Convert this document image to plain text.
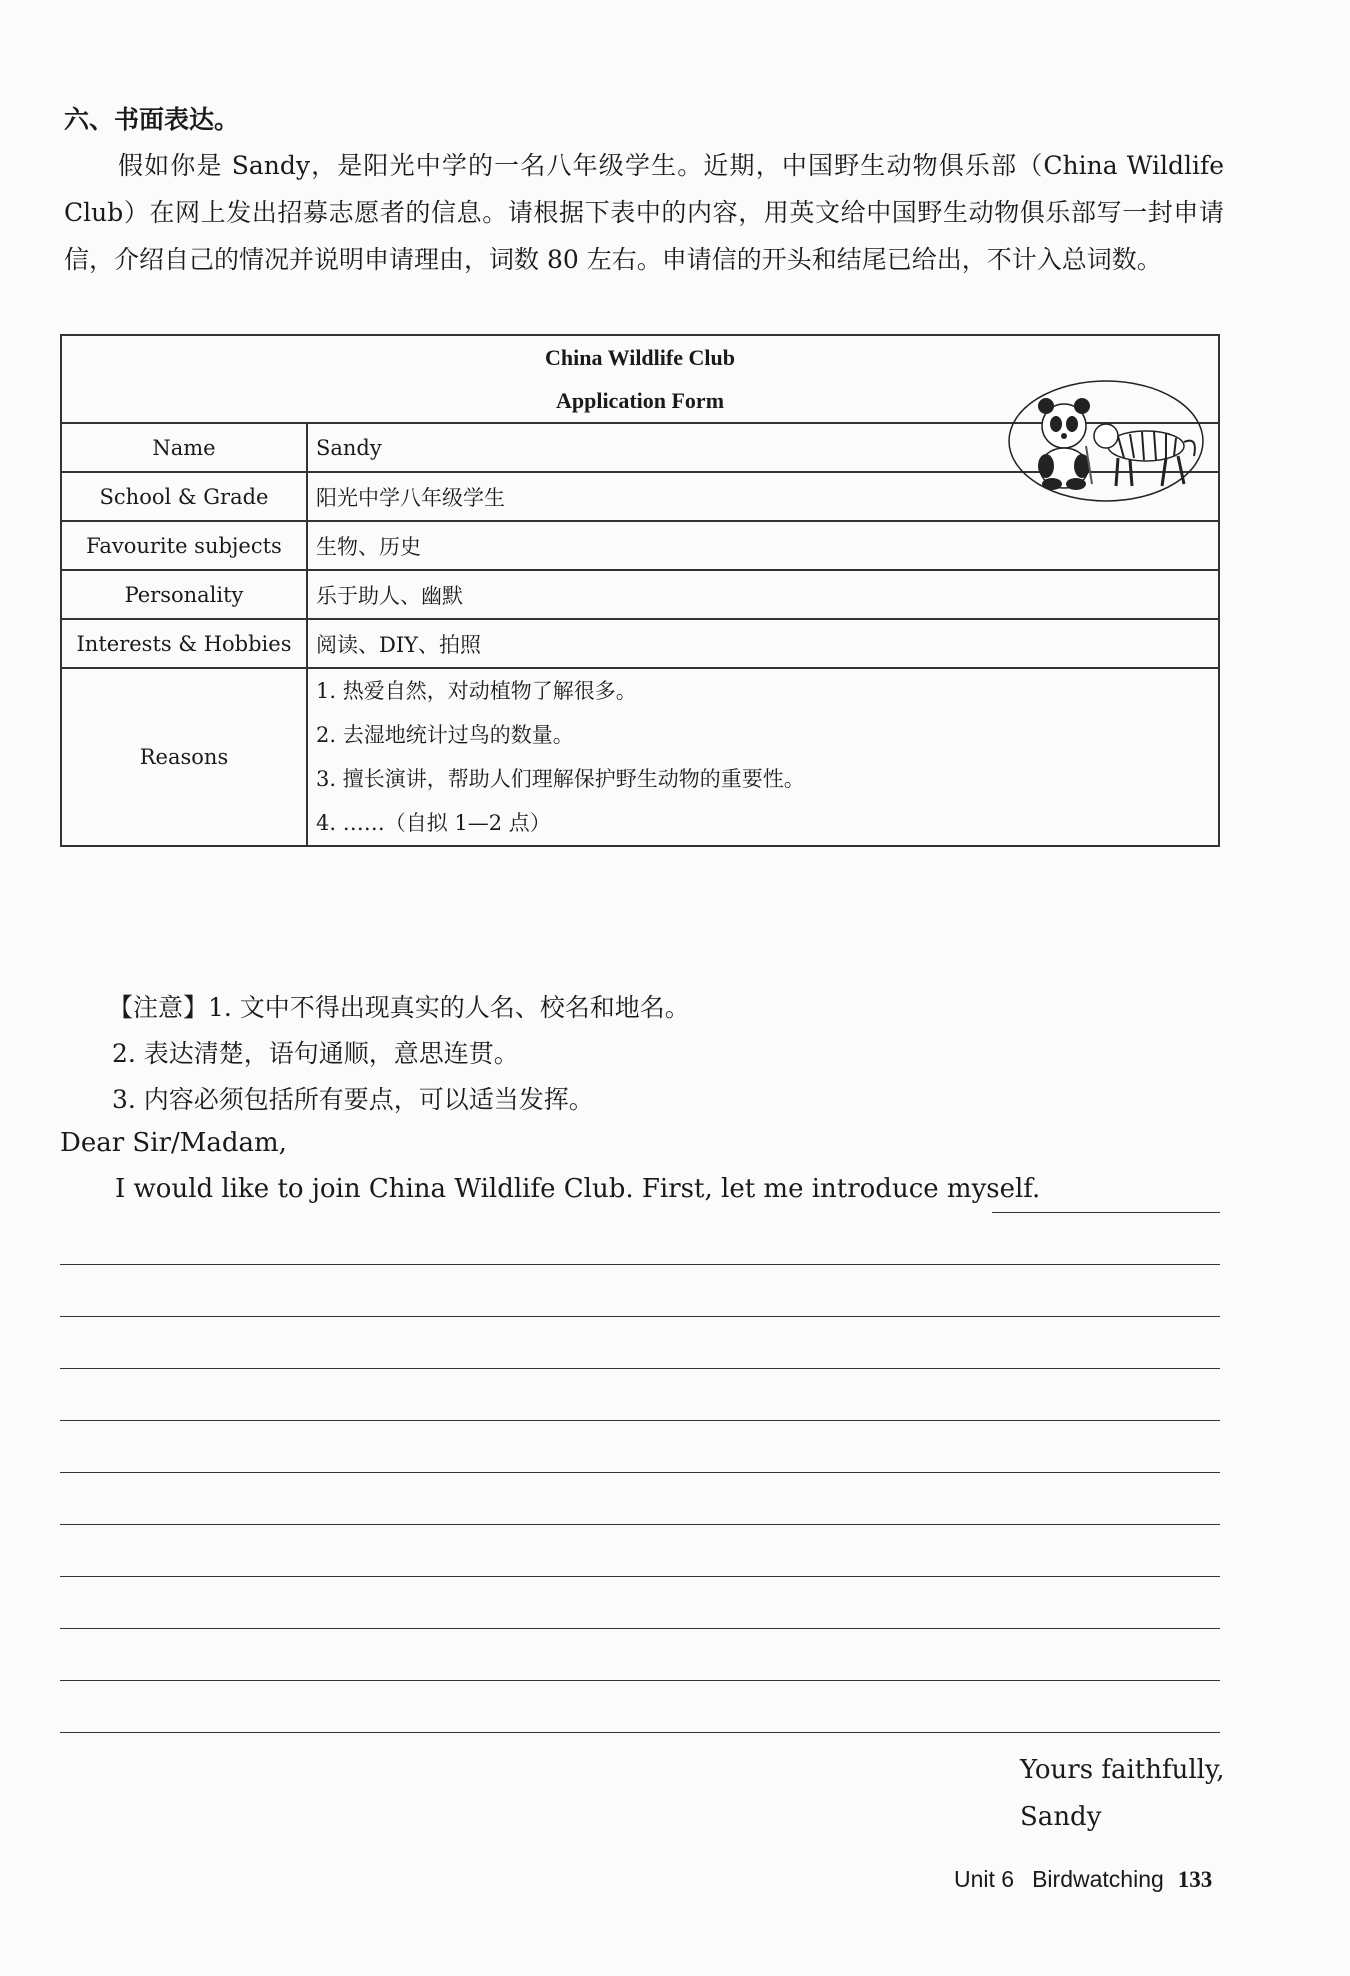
六、书面表达。
假如你是 Sandy，是阳光中学的一名八年级学生。近期，中国野生动物俱乐部（China Wildlife Club）在网上发出招募志愿者的信息。请根据下表中的内容，用英文给中国野生动物俱乐部写一封申请信，介绍自己的情况并说明申请理由，词数 80 左右。申请信的开头和结尾已给出，不计入总词数。
China Wildlife Club
Application Form	

Name	Sandy
School & Grade	阳光中学八年级学生
Favourite subjects	生物、历史
Personality	乐于助人、幽默
Interests & Hobbies	阅读、DIY、拍照
Reasons	1. 热爱自然，对动植物了解很多。
2. 去湿地统计过鸟的数量。
3. 擅长演讲，帮助人们理解保护野生动物的重要性。
4. ……（自拟 1—2 点）
【注意】1. 文中不得出现真实的人名、校名和地名。
2. 表达清楚，语句通顺，意思连贯。
3. 内容必须包括所有要点，可以适当发挥。
Dear Sir/Madam,
I would like to join China Wildlife Club. First, let me introduce myself.
Yours faithfully,
Sandy
Unit 6 Birdwatching 133
